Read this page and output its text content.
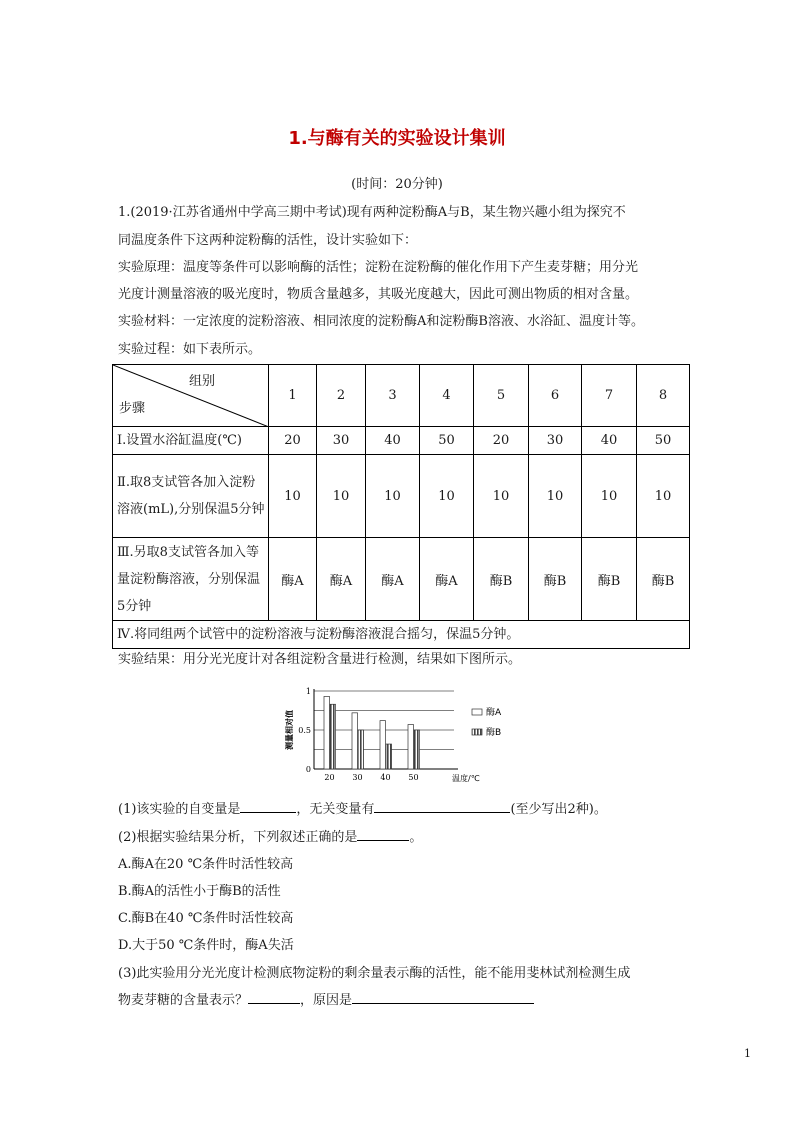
1.与酶有关的实验设计集训
(时间：20分钟)
1.(2019·江苏省通州中学高三期中考试)现有两种淀粉酶A与B，某生物兴趣小组为探究不
同温度条件下这两种淀粉酶的活性，设计实验如下：
实验原理：温度等条件可以影响酶的活性；淀粉在淀粉酶的催化作用下产生麦芽糖；用分光
光度计测量溶液的吸光度时，物质含量越多，其吸光度越大，因此可测出物质的相对含量。
实验材料：一定浓度的淀粉溶液、相同浓度的淀粉酶A和淀粉酶B溶液、水浴缸、温度计等。
实验过程：如下表所示。
组别
步骤	1	2	3	4	5	6	7	8
Ⅰ.设置水浴缸温度(℃)	20	30	40	50	20	30	40	50
Ⅱ.取8支试管各加入淀粉溶液(mL),分别保温5分钟	10	10	10	10	10	10	10	10
Ⅲ.另取8支试管各加入等量淀粉酶溶液，分别保温5分钟	酶A	酶A	酶A	酶A	酶B	酶B	酶B	酶B
Ⅳ.将同组两个试管中的淀粉溶液与淀粉酶溶液混合摇匀，保温5分钟。								
实验结果：用分光光度计对各组淀粉含量进行检测，结果如下图所示。
0
0.5
1
测量相对值
20 30 40 50	温度/℃
酶A
酶B
(1)该实验的自变量是	，无关变量有	(至少写出2种)。
(2)根据实验结果分析，下列叙述正确的是	。
A.酶A在20 ℃条件时活性较高
B.酶A的活性小于酶B的活性
C.酶B在40 ℃条件时活性较高
D.大于50 ℃条件时，酶A失活
(3)此实验用分光光度计检测底物淀粉的剩余量表示酶的活性，能不能用斐林试剂检测生成
物麦芽糖的含量表示？	，原因是
1
